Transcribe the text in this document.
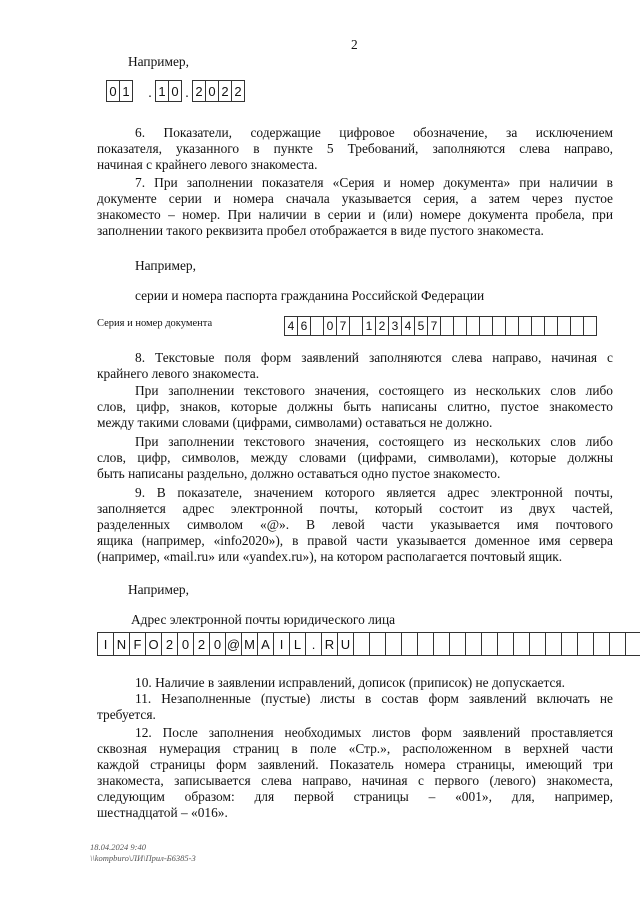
2
Например,
0 1 . 1 0 . 2 0 2 2
6. Показатели, содержащие цифровое обозначение, за исключением
показателя, указанного в пункте 5 Требований, заполняются слева направо,
начиная с крайнего левого знакоместа.
7. При заполнении показателя «Серия и номер документа» при наличии в
документе серии и номера сначала указывается серия, а затем через пустое
знакоместо – номер. При наличии в серии и (или) номере документа пробела, при
заполнении такого реквизита пробел отображается в виде пустого знакоместа.
Например,
серии и номера паспорта гражданина Российской Федерации
Серия и номер документа	4 6	0 7	1 2 3 4 5 7
8. Текстовые поля форм заявлений заполняются слева направо, начиная с
крайнего левого знакоместа.
При заполнении текстового значения, состоящего из нескольких слов либо
слов, цифр, знаков, которые должны быть написаны слитно, пустое знакоместо
между такими словами (цифрами, символами) оставаться не должно.
При заполнении текстового значения, состоящего из нескольких слов либо
слов, цифр, символов, между словами (цифрами, символами), которые должны
быть написаны раздельно, должно оставаться одно пустое знакоместо.
9. В показателе, значением которого является адрес электронной почты,
заполняется адрес электронной почты, который состоит из двух частей,
разделенных символом «@». В левой части указывается имя почтового
ящика (например, «info2020»), в правой части указывается доменное имя сервера
(например, «mail.ru» или «yandex.ru»), на котором располагается почтовый ящик.
Например,
Адрес электронной почты юридического лица
I N F O 2 0 2 0 @ M A I L . R U
10. Наличие в заявлении исправлений, дописок (приписок) не допускается.
11. Незаполненные (пустые) листы в состав форм заявлений включать не
требуется.
12. После заполнения необходимых листов форм заявлений проставляется
сквозная нумерация страниц в поле «Стр.», расположенном в верхней части
каждой страницы форм заявлений. Показатель номера страницы, имеющий три
знакоместа, записывается слева направо, начиная с первого (левого) знакоместа,
следующим образом: для первой страницы – «001», для, например,
шестнадцатой – «016».
18.04.2024 9:40
\\kompburo\ЛИ\Прил-Б6385-3
